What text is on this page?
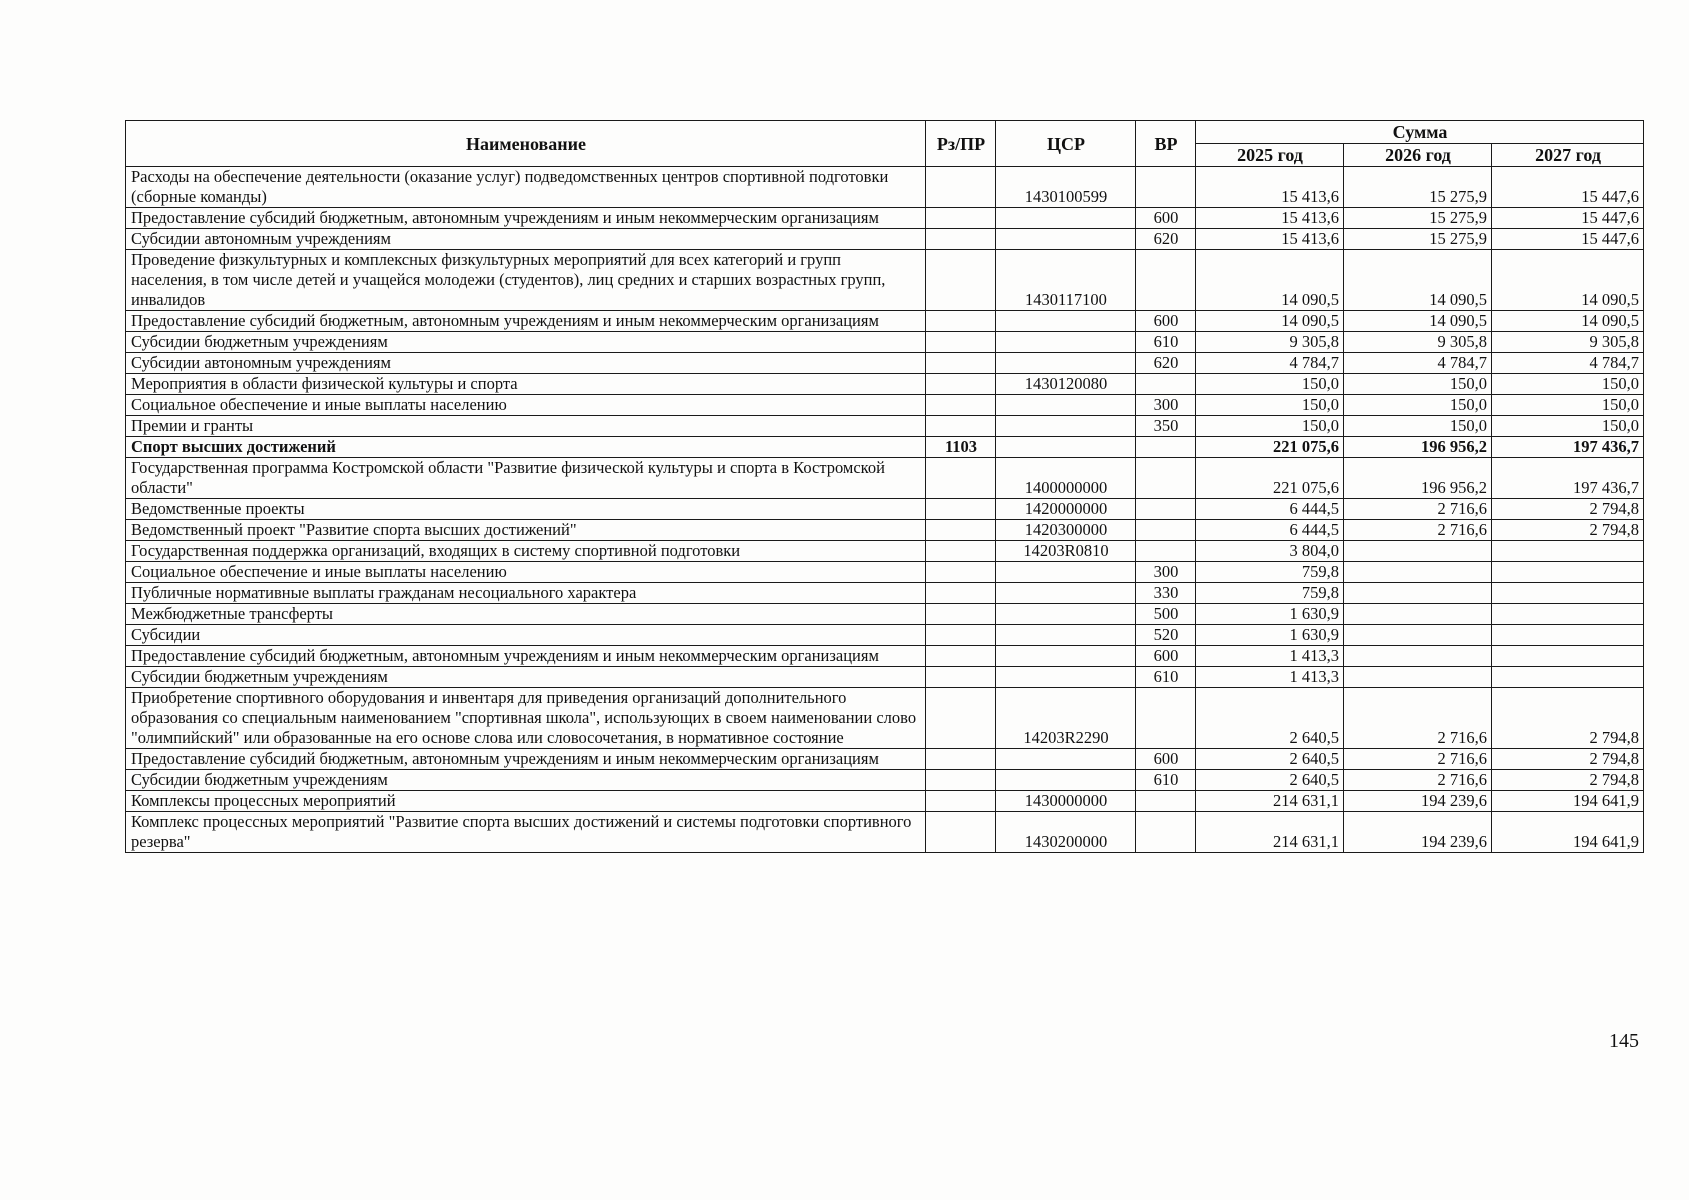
Наименование	Рз/ПР	ЦСР	ВР	Сумма		
				2025 год	2026 год	2027 год
Расходы на обеспечение деятельности (оказание услуг) подведомственных центров спортивной подготовки (сборные команды)		1430100599		15 413,6	15 275,9	15 447,6
Предоставление субсидий бюджетным, автономным учреждениям и иным некоммерческим организациям			600	15 413,6	15 275,9	15 447,6
Субсидии автономным учреждениям			620	15 413,6	15 275,9	15 447,6
Проведение физкультурных и комплексных физкультурных мероприятий для всех категорий и групп населения, в том числе детей и учащейся молодежи (студентов), лиц средних и старших возрастных групп, инвалидов		1430117100		14 090,5	14 090,5	14 090,5
Предоставление субсидий бюджетным, автономным учреждениям и иным некоммерческим организациям			600	14 090,5	14 090,5	14 090,5
Субсидии бюджетным учреждениям			610	9 305,8	9 305,8	9 305,8
Субсидии автономным учреждениям			620	4 784,7	4 784,7	4 784,7
Мероприятия в области физической культуры и спорта		1430120080		150,0	150,0	150,0
Социальное обеспечение и иные выплаты населению			300	150,0	150,0	150,0
Премии и гранты			350	150,0	150,0	150,0
Спорт высших достижений	1103			221 075,6	196 956,2	197 436,7
Государственная программа Костромской области "Развитие физической культуры и спорта в Костромской области"		1400000000		221 075,6	196 956,2	197 436,7
Ведомственные проекты		1420000000		6 444,5	2 716,6	2 794,8
Ведомственный проект "Развитие спорта высших достижений"		1420300000		6 444,5	2 716,6	2 794,8
Государственная поддержка организаций, входящих в систему спортивной подготовки		14203R0810		3 804,0		
Социальное обеспечение и иные выплаты населению			300	759,8		
Публичные нормативные выплаты гражданам несоциального характера			330	759,8		
Межбюджетные трансферты			500	1 630,9		
Субсидии			520	1 630,9		
Предоставление субсидий бюджетным, автономным учреждениям и иным некоммерческим организациям			600	1 413,3		
Субсидии бюджетным учреждениям			610	1 413,3		
Приобретение спортивного оборудования и инвентаря для приведения организаций дополнительного образования со специальным наименованием "спортивная школа", использующих в своем наименовании слово "олимпийский" или образованные на его основе слова или словосочетания, в нормативное состояние		14203R2290		2 640,5	2 716,6	2 794,8
Предоставление субсидий бюджетным, автономным учреждениям и иным некоммерческим организациям			600	2 640,5	2 716,6	2 794,8
Субсидии бюджетным учреждениям			610	2 640,5	2 716,6	2 794,8
Комплексы процессных мероприятий		1430000000		214 631,1	194 239,6	194 641,9
Комплекс процессных мероприятий "Развитие спорта высших достижений и системы подготовки спортивного резерва"		1430200000		214 631,1	194 239,6	194 641,9
145
